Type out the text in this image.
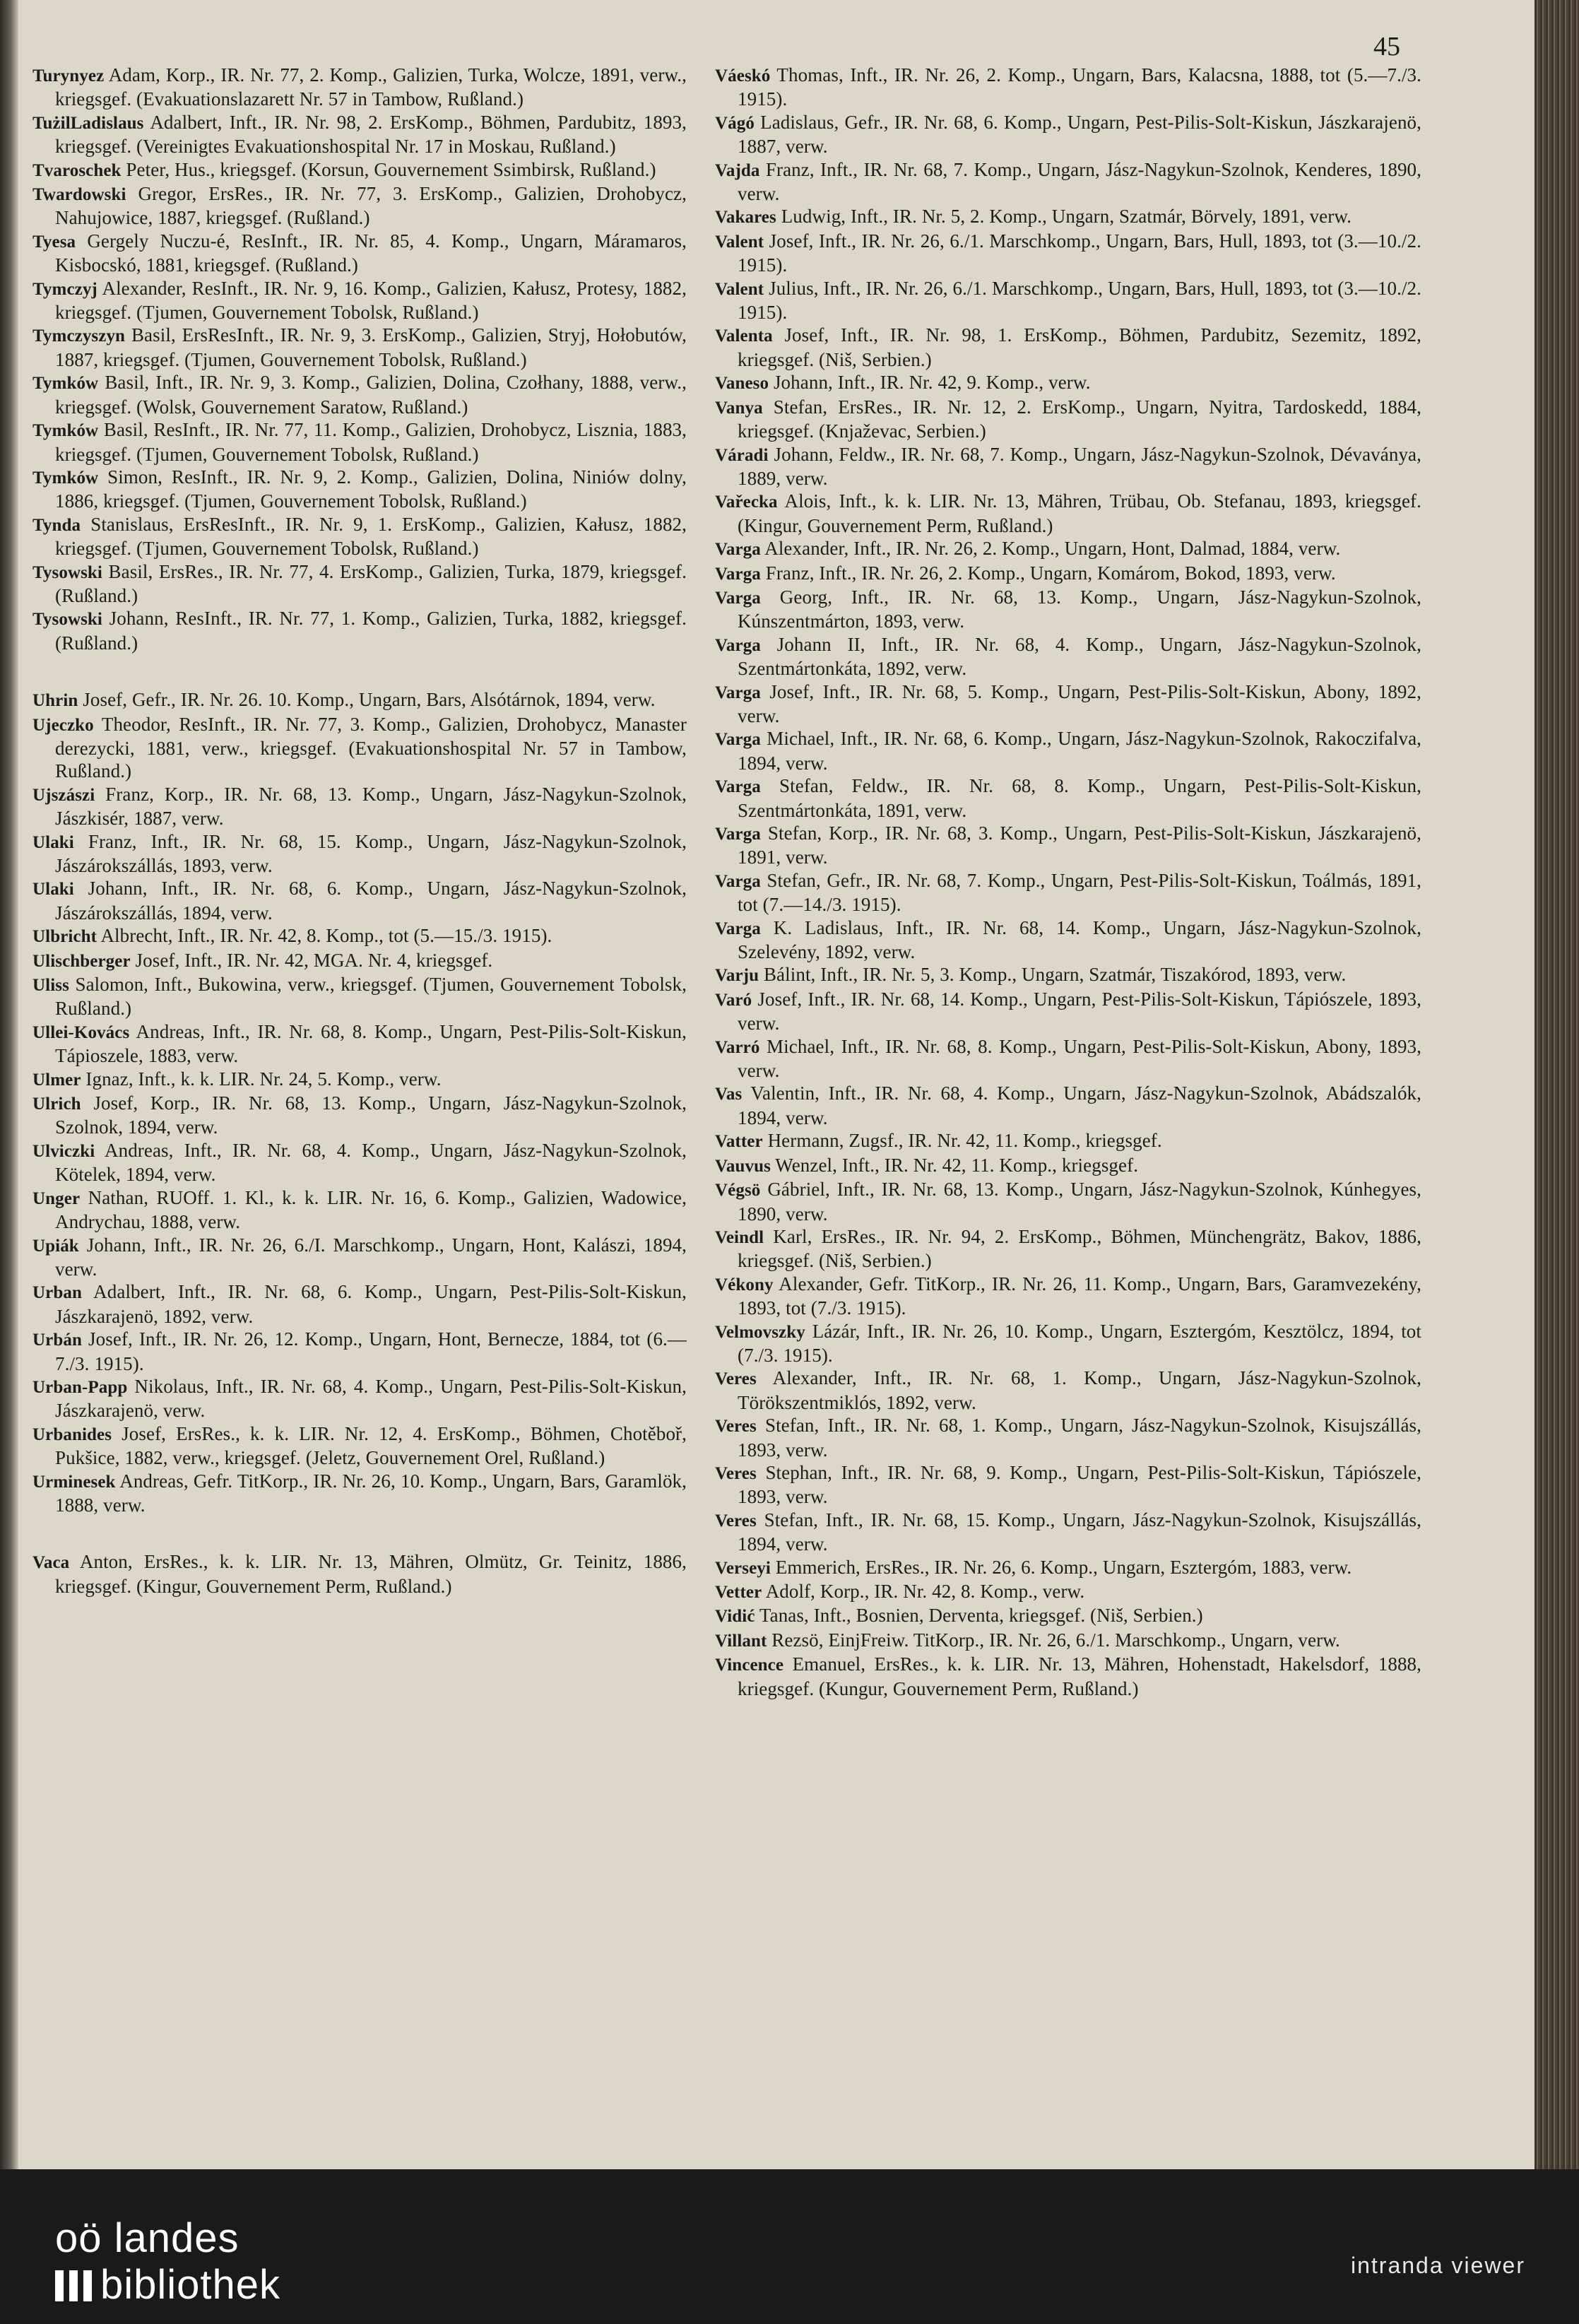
45

Turynyez Adam, Korp., IR. Nr. 77, 2. Komp., Galizien, Turka, Wolcze, 1891, verw., kriegsgef. (Evakuationslazarett Nr. 57 in Tambow, Rußland.)

TużilLadislaus Adalbert, Inft., IR. Nr. 98, 2. ErsKomp., Böhmen, Pardubitz, 1893, kriegsgef. (Vereinigtes Evakuationshospital Nr. 17 in Moskau, Rußland.)

Tvaroschek Peter, Hus., kriegsgef. (Korsun, Gouvernement Ssimbirsk, Rußland.)

Twardowski Gregor, ErsRes., IR. Nr. 77, 3. ErsKomp., Galizien, Drohobycz, Nahujowice, 1887, kriegsgef. (Rußland.)

Tyesa Gergely Nuczu-é, ResInft., IR. Nr. 85, 4. Komp., Ungarn, Máramaros, Kisbocskó, 1881, kriegsgef. (Rußland.)

Tymczyj Alexander, ResInft., IR. Nr. 9, 16. Komp., Galizien, Kałusz, Protesy, 1882, kriegsgef. (Tjumen, Gouvernement Tobolsk, Rußland.)

Tymczyszyn Basil, ErsResInft., IR. Nr. 9, 3. ErsKomp., Galizien, Stryj, Hołobutów, 1887, kriegsgef. (Tjumen, Gouvernement Tobolsk, Rußland.)

Tymków Basil, Inft., IR. Nr. 9, 3. Komp., Galizien, Dolina, Czołhany, 1888, verw., kriegsgef. (Wolsk, Gouvernement Saratow, Rußland.)

Tymków Basil, ResInft., IR. Nr. 77, 11. Komp., Galizien, Drohobycz, Lisznia, 1883, kriegsgef. (Tjumen, Gouvernement Tobolsk, Rußland.)

Tymków Simon, ResInft., IR. Nr. 9, 2. Komp., Galizien, Dolina, Niniów dolny, 1886, kriegsgef. (Tjumen, Gouvernement Tobolsk, Rußland.)

Tynda Stanislaus, ErsResInft., IR. Nr. 9, 1. ErsKomp., Galizien, Kałusz, 1882, kriegsgef. (Tjumen, Gouvernement Tobolsk, Rußland.)

Tysowski Basil, ErsRes., IR. Nr. 77, 4. ErsKomp., Galizien, Turka, 1879, kriegsgef. (Rußland.)

Tysowski Johann, ResInft., IR. Nr. 77, 1. Komp., Galizien, Turka, 1882, kriegsgef. (Rußland.)

Uhrin Josef, Gefr., IR. Nr. 26. 10. Komp., Ungarn, Bars, Alsótárnok, 1894, verw.

Ujeczko Theodor, ResInft., IR. Nr. 77, 3. Komp., Galizien, Drohobycz, Manaster derezycki, 1881, verw., kriegsgef. (Evakuationshospital Nr. 57 in Tambow, Rußland.)

Ujszászi Franz, Korp., IR. Nr. 68, 13. Komp., Ungarn, Jász-Nagykun-Szolnok, Jászkisér, 1887, verw.

Ulaki Franz, Inft., IR. Nr. 68, 15. Komp., Ungarn, Jász-Nagykun-Szolnok, Jászárokszállás, 1893, verw.

Ulaki Johann, Inft., IR. Nr. 68, 6. Komp., Ungarn, Jász-Nagykun-Szolnok, Jászárokszállás, 1894, verw.

Ulbricht Albrecht, Inft., IR. Nr. 42, 8. Komp., tot (5.—15./3. 1915).

Ulischberger Josef, Inft., IR. Nr. 42, MGA. Nr. 4, kriegsgef.

Uliss Salomon, Inft., Bukowina, verw., kriegsgef. (Tjumen, Gouvernement Tobolsk, Rußland.)

Ullei-Kovács Andreas, Inft., IR. Nr. 68, 8. Komp., Ungarn, Pest-Pilis-Solt-Kiskun, Tápioszele, 1883, verw.

Ulmer Ignaz, Inft., k. k. LIR. Nr. 24, 5. Komp., verw.

Ulrich Josef, Korp., IR. Nr. 68, 13. Komp., Ungarn, Jász-Nagykun-Szolnok, Szolnok, 1894, verw.

Ulviczki Andreas, Inft., IR. Nr. 68, 4. Komp., Ungarn, Jász-Nagykun-Szolnok, Kötelek, 1894, verw.

Unger Nathan, RUOff. 1. Kl., k. k. LIR. Nr. 16, 6. Komp., Galizien, Wadowice, Andrychau, 1888, verw.

Upiák Johann, Inft., IR. Nr. 26, 6./I. Marschkomp., Ungarn, Hont, Kalászi, 1894, verw.

Urban Adalbert, Inft., IR. Nr. 68, 6. Komp., Ungarn, Pest-Pilis-Solt-Kiskun, Jászkarajenö, 1892, verw.

Urbán Josef, Inft., IR. Nr. 26, 12. Komp., Ungarn, Hont, Bernecze, 1884, tot (6.—7./3. 1915).

Urban-Papp Nikolaus, Inft., IR. Nr. 68, 4. Komp., Ungarn, Pest-Pilis-Solt-Kiskun, Jászkarajenö, verw.

Urbanides Josef, ErsRes., k. k. LIR. Nr. 12, 4. ErsKomp., Böhmen, Chotěboř, Pukšice, 1882, verw., kriegsgef. (Jeletz, Gouvernement Orel, Rußland.)

Urminesek Andreas, Gefr. TitKorp., IR. Nr. 26, 10. Komp., Ungarn, Bars, Garamlök, 1888, verw.

Vaca Anton, ErsRes., k. k. LIR. Nr. 13, Mähren, Olmütz, Gr. Teinitz, 1886, kriegsgef. (Kingur, Gouvernement Perm, Rußland.)

Váeskó Thomas, Inft., IR. Nr. 26, 2. Komp., Ungarn, Bars, Kalacsna, 1888, tot (5.—7./3. 1915).

Vágó Ladislaus, Gefr., IR. Nr. 68, 6. Komp., Ungarn, Pest-Pilis-Solt-Kiskun, Jászkarajenö, 1887, verw.

Vajda Franz, Inft., IR. Nr. 68, 7. Komp., Ungarn, Jász-Nagykun-Szolnok, Kenderes, 1890, verw.

Vakares Ludwig, Inft., IR. Nr. 5, 2. Komp., Ungarn, Szatmár, Börvely, 1891, verw.

Valent Josef, Inft., IR. Nr. 26, 6./1. Marschkomp., Ungarn, Bars, Hull, 1893, tot (3.—10./2. 1915).

Valent Julius, Inft., IR. Nr. 26, 6./1. Marschkomp., Ungarn, Bars, Hull, 1893, tot (3.—10./2. 1915).

Valenta Josef, Inft., IR. Nr. 98, 1. ErsKomp., Böhmen, Pardubitz, Sezemitz, 1892, kriegsgef. (Niš, Serbien.)

Vaneso Johann, Inft., IR. Nr. 42, 9. Komp., verw.

Vanya Stefan, ErsRes., IR. Nr. 12, 2. ErsKomp., Ungarn, Nyitra, Tardoskedd, 1884, kriegsgef. (Knjaževac, Serbien.)

Váradi Johann, Feldw., IR. Nr. 68, 7. Komp., Ungarn, Jász-Nagykun-Szolnok, Dévaványa, 1889, verw.

Vařecka Alois, Inft., k. k. LIR. Nr. 13, Mähren, Trübau, Ob. Stefanau, 1893, kriegsgef. (Kingur, Gouvernement Perm, Rußland.)

Varga Alexander, Inft., IR. Nr. 26, 2. Komp., Ungarn, Hont, Dalmad, 1884, verw.

Varga Franz, Inft., IR. Nr. 26, 2. Komp., Ungarn, Komárom, Bokod, 1893, verw.

Varga Georg, Inft., IR. Nr. 68, 13. Komp., Ungarn, Jász-Nagykun-Szolnok, Kúnszentmárton, 1893, verw.

Varga Johann II, Inft., IR. Nr. 68, 4. Komp., Ungarn, Jász-Nagykun-Szolnok, Szentmártonkáta, 1892, verw.

Varga Josef, Inft., IR. Nr. 68, 5. Komp., Ungarn, Pest-Pilis-Solt-Kiskun, Abony, 1892, verw.

Varga Michael, Inft., IR. Nr. 68, 6. Komp., Ungarn, Jász-Nagykun-Szolnok, Rakoczifalva, 1894, verw.

Varga Stefan, Feldw., IR. Nr. 68, 8. Komp., Ungarn, Pest-Pilis-Solt-Kiskun, Szentmártonkáta, 1891, verw.

Varga Stefan, Korp., IR. Nr. 68, 3. Komp., Ungarn, Pest-Pilis-Solt-Kiskun, Jászkarajenö, 1891, verw.

Varga Stefan, Gefr., IR. Nr. 68, 7. Komp., Ungarn, Pest-Pilis-Solt-Kiskun, Toálmás, 1891, tot (7.—14./3. 1915).

Varga K. Ladislaus, Inft., IR. Nr. 68, 14. Komp., Ungarn, Jász-Nagykun-Szolnok, Szelevény, 1892, verw.

Varju Bálint, Inft., IR. Nr. 5, 3. Komp., Ungarn, Szatmár, Tiszakórod, 1893, verw.

Varó Josef, Inft., IR. Nr. 68, 14. Komp., Ungarn, Pest-Pilis-Solt-Kiskun, Tápiószele, 1893, verw.

Varró Michael, Inft., IR. Nr. 68, 8. Komp., Ungarn, Pest-Pilis-Solt-Kiskun, Abony, 1893, verw.

Vas Valentin, Inft., IR. Nr. 68, 4. Komp., Ungarn, Jász-Nagykun-Szolnok, Abádszalók, 1894, verw.

Vatter Hermann, Zugsf., IR. Nr. 42, 11. Komp., kriegsgef.

Vauvus Wenzel, Inft., IR. Nr. 42, 11. Komp., kriegsgef.

Végsö Gábriel, Inft., IR. Nr. 68, 13. Komp., Ungarn, Jász-Nagykun-Szolnok, Kúnhegyes, 1890, verw.

Veindl Karl, ErsRes., IR. Nr. 94, 2. ErsKomp., Böhmen, Münchengrätz, Bakov, 1886, kriegsgef. (Niš, Serbien.)

Vékony Alexander, Gefr. TitKorp., IR. Nr. 26, 11. Komp., Ungarn, Bars, Garamvezekény, 1893, tot (7./3. 1915).

Velmovszky Lázár, Inft., IR. Nr. 26, 10. Komp., Ungarn, Esztergóm, Kesztölcz, 1894, tot (7./3. 1915).

Veres Alexander, Inft., IR. Nr. 68, 1. Komp., Ungarn, Jász-Nagykun-Szolnok, Törökszentmiklós, 1892, verw.

Veres Stefan, Inft., IR. Nr. 68, 1. Komp., Ungarn, Jász-Nagykun-Szolnok, Kisujszállás, 1893, verw.

Veres Stephan, Inft., IR. Nr. 68, 9. Komp., Ungarn, Pest-Pilis-Solt-Kiskun, Tápiószele, 1893, verw.

Veres Stefan, Inft., IR. Nr. 68, 15. Komp., Ungarn, Jász-Nagykun-Szolnok, Kisujszállás, 1894, verw.

Verseyi Emmerich, ErsRes., IR. Nr. 26, 6. Komp., Ungarn, Esztergóm, 1883, verw.

Vetter Adolf, Korp., IR. Nr. 42, 8. Komp., verw.

Vidić Tanas, Inft., Bosnien, Derventa, kriegsgef. (Niš, Serbien.)

Villant Rezsö, EinjFreiw. TitKorp., IR. Nr. 26, 6./1. Marschkomp., Ungarn, verw.

Vincence Emanuel, ErsRes., k. k. LIR. Nr. 13, Mähren, Hohenstadt, Hakelsdorf, 1888, kriegsgef. (Kungur, Gouvernement Perm, Rußland.)

oö landes
bibliothek	intranda viewer
